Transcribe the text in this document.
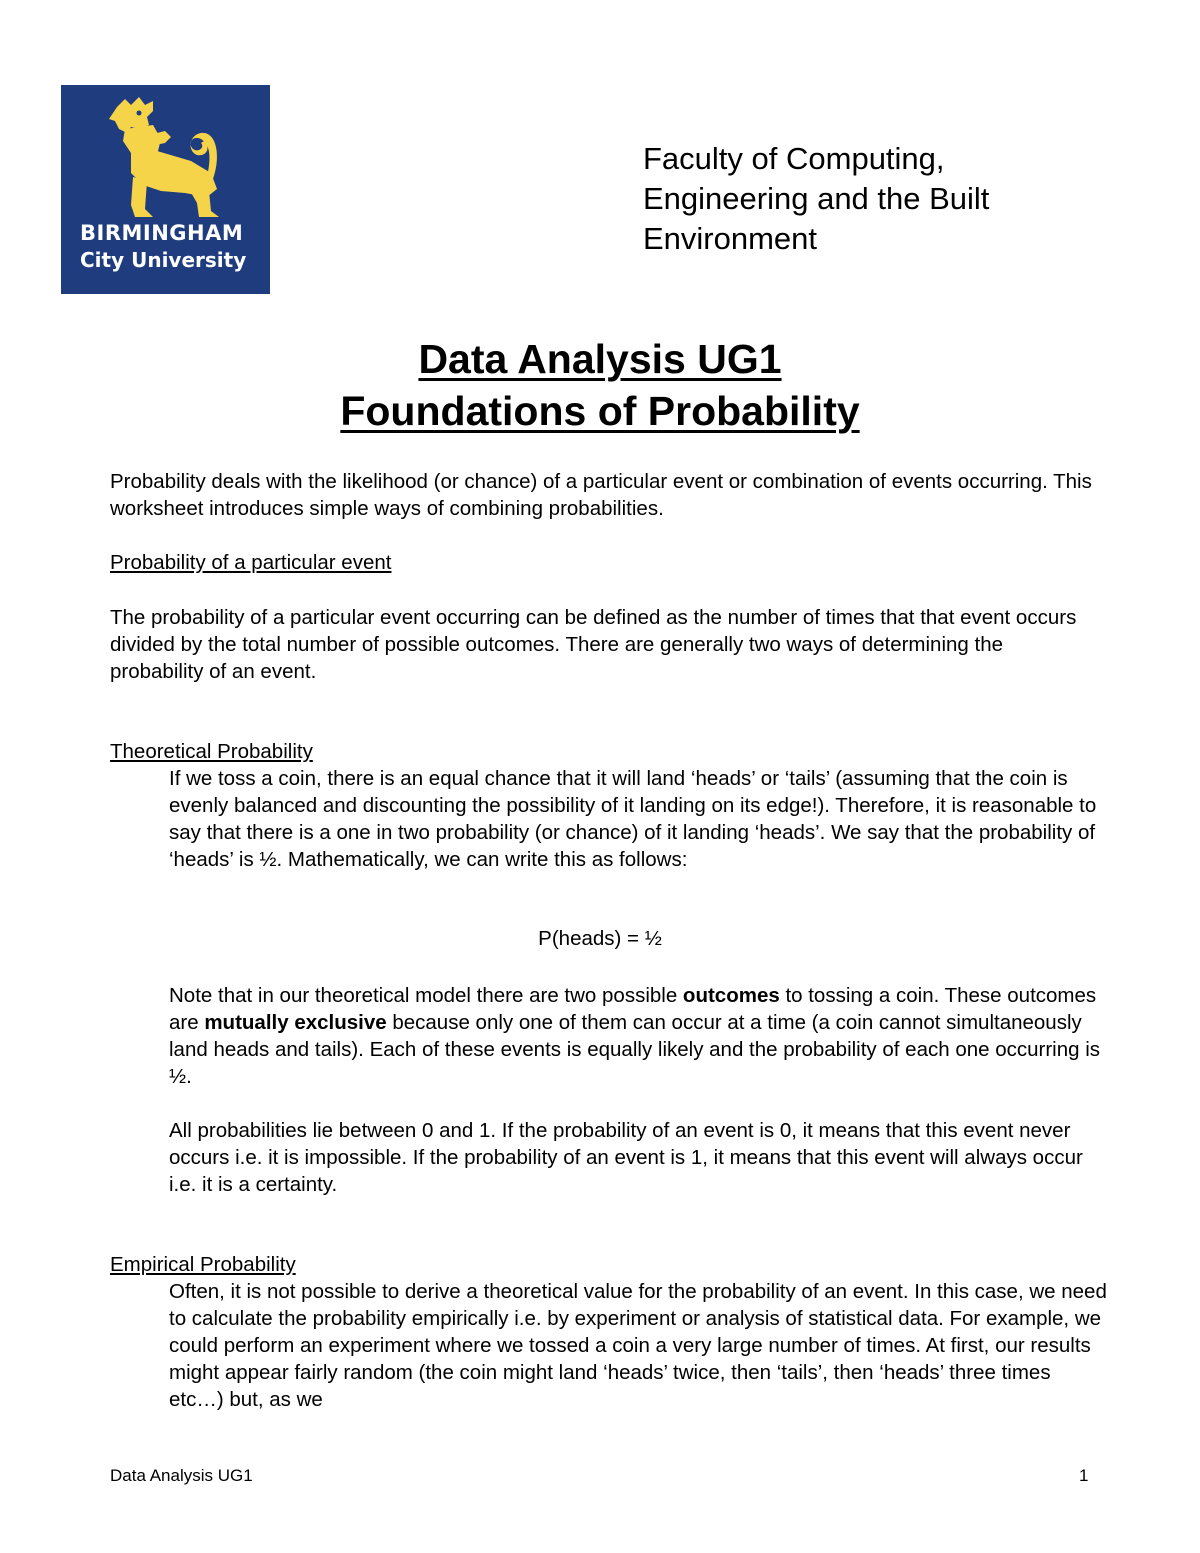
BIRMINGHAM
City University
Faculty of Computing,
Engineering and the Built
Environment
Data Analysis UG1
Foundations of Probability
Probability deals with the likelihood (or chance) of a particular event or combination of events occurring. This worksheet introduces simple ways of combining probabilities.
Probability of a particular event
The probability of a particular event occurring can be defined as the number of times that that event occurs divided by the total number of possible outcomes. There are generally two ways of determining the probability of an event.
Theoretical Probability
If we toss a coin, there is an equal chance that it will land ‘heads’ or ‘tails’ (assuming that the coin is evenly balanced and discounting the possibility of it landing on its edge!). Therefore, it is reasonable to say that there is a one in two probability (or chance) of it landing ‘heads’. We say that the probability of ‘heads’ is ½. Mathematically, we can write this as follows:
P(heads) = ½
Note that in our theoretical model there are two possible outcomes to tossing a coin. These outcomes are mutually exclusive because only one of them can occur at a time (a coin cannot simultaneously land heads and tails). Each of these events is equally likely and the probability of each one occurring is ½.
All probabilities lie between 0 and 1. If the probability of an event is 0, it means that this event never occurs i.e. it is impossible. If the probability of an event is 1, it means that this event will always occur i.e. it is a certainty.
Empirical Probability
Often, it is not possible to derive a theoretical value for the probability of an event. In this case, we need to calculate the probability empirically i.e. by experiment or analysis of statistical data. For example, we could perform an experiment where we tossed a coin a very large number of times. At first, our results might appear fairly random (the coin might land ‘heads’ twice, then ‘tails’, then ‘heads’ three times etc…) but, as we
Data Analysis UG1	1
